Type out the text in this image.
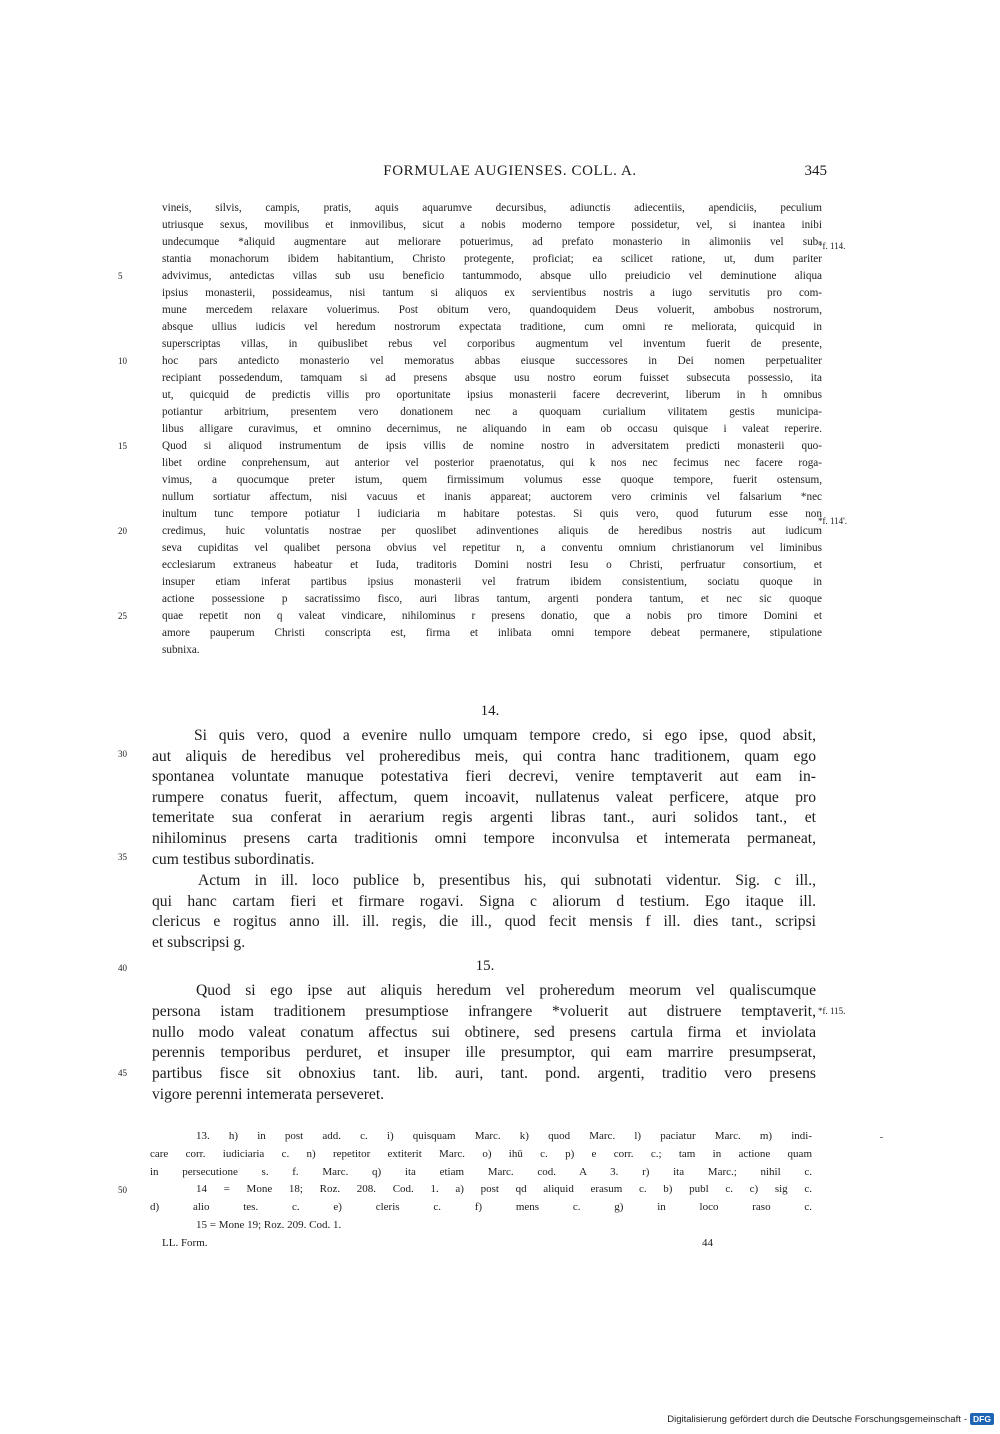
FORMULAE AUGIENSES. COLL. A.	345
vineis, silvis, campis, pratis, aquis aquarumve decursibus, adiunctis adiecentiis, apendiciis, peculium
utriusque sexus, movilibus et inmovilibus, sicut a nobis moderno tempore possidetur, vel, si inantea inibi
undecumque *aliquid augmentare aut meliorare potuerimus, ad prefato monasterio in alimoniis vel sub-
stantia monachorum ibidem habitantium, Christo protegente, proficiat; ea scilicet ratione, ut, dum pariter
advivimus, antedictas villas sub usu beneficio tantummodo, absque ullo preiudicio vel deminutione aliqua
ipsius monasterii, possideamus, nisi tantum si aliquos ex servientibus nostris a iugo servitutis pro com-
mune mercedem relaxare voluerimus. Post obitum vero, quandoquidem Deus voluerit, ambobus nostrorum,
absque ullius iudicis vel heredum nostrorum expectata traditione, cum omni re meliorata, quicquid in
superscriptas villas, in quibuslibet rebus vel corporibus augmentum vel inventum fuerit de presente,
hoc pars antedicto monasterio vel memoratus abbas eiusque successores in Dei nomen perpetualiter
recipiant possedendum, tamquam si ad presens absque usu nostro eorum fuisset subsecuta possessio, ita
ut, quicquid de predictis villis pro oportunitate ipsius monasterii facere decreverint, liberum in h omnibus
potiantur arbitrium, presentem vero donationem nec a quoquam curialium vilitatem gestis municipa-
libus alligare curavimus, et omnino decernimus, ne aliquando in eam ob occasu quisque i valeat reperire.
Quod si aliquod instrumentum de ipsis villis de nomine nostro in adversitatem predicti monasterii quo-
libet ordine conprehensum, aut anterior vel posterior praenotatus, qui k nos nec fecimus nec facere roga-
vimus, a quocumque preter istum, quem firmissimum volumus esse quoque tempore, fuerit ostensum,
nullum sortiatur affectum, nisi vacuus et inanis appareat; auctorem vero criminis vel falsarium *nec
inultum tunc tempore potiatur l iudiciaria m habitare potestas. Si quis vero, quod futurum esse non
credimus, huic voluntatis nostrae per quoslibet adinventiones aliquis de heredibus nostris aut iudicum
seva cupiditas vel qualibet persona obvius vel repetitur n, a conventu omnium christianorum vel liminibus
ecclesiarum extraneus habeatur et Iuda, traditoris Domini nostri Iesu o Christi, perfruatur consortium, et
insuper etiam inferat partibus ipsius monasterii vel fratrum ibidem consistentium, sociatu quoque in
actione possessione p sacratissimo fisco, auri libras tantum, argenti pondera tantum, et nec sic quoque
quae repetit non q valeat vindicare, nihilominus r presens donatio, que a nobis pro timore Domini et
amore pauperum Christi conscripta est, firma et inlibata omni tempore debeat permanere, stipulatione
subnixa.
5
10
15
20
25
*f. 114.
*f. 114'.
*f. 115.
14.
Si quis vero, quod a evenire nullo umquam tempore credo, si ego ipse, quod absit,
aut aliquis de heredibus vel proheredibus meis, qui contra hanc traditionem, quam ego
spontanea voluntate manuque potestativa fieri decrevi, venire temptaverit aut eam in-
rumpere conatus fuerit, affectum, quem incoavit, nullatenus valeat perficere, atque pro
temeritate sua conferat in aerarium regis argenti libras tant., auri solidos tant., et
nihilominus presens carta traditionis omni tempore inconvulsa et intemerata permaneat,
cum testibus subordinatis.
Actum in ill. loco publice b, presentibus his, qui subnotati videntur. Sig. c ill.,
qui hanc cartam fieri et firmare rogavi. Signa c aliorum d testium. Ego itaque ill.
clericus e rogitus anno ill. ill. regis, die ill., quod fecit mensis f ill. dies tant., scripsi
et subscripsi g.
15.
Quod si ego ipse aut aliquis heredum vel proheredum meorum vel qualiscumque
persona istam traditionem presumptiose infrangere *voluerit aut distruere temptaverit,
nullo modo valeat conatum affectus sui obtinere, sed presens cartula firma et inviolata
perennis temporibus perduret, et insuper ille presumptor, qui eam marrire presumpserat,
partibus fisce sit obnoxius tant. lib. auri, tant. pond. argenti, traditio vero presens
vigore perenni intemerata perseveret.
30
35
40
45
13. h) in post add. c. i) quisquam Marc. k) quod Marc. l) paciatur Marc. m) indi-
care corr. iudiciaria c. n) repetitor extiterit Marc. o) ihū c. p) e corr. c.; tam in actione quam
in persecutione s. f. Marc. q) ita etiam Marc. cod. A 3. r) ita Marc.; nihil c.
14 = Mone 18; Roz. 208. Cod. 1. a) post qd aliquid erasum c. b) publ c. c) sig c.
d) alio tes. c. e) cleris c. f) mens c. g) in loco raso c.
15 = Mone 19; Roz. 209. Cod. 1.
50
LL. Form.	44
Digitalisierung gefördert durch die Deutsche Forschungsgemeinschaft - DFG
